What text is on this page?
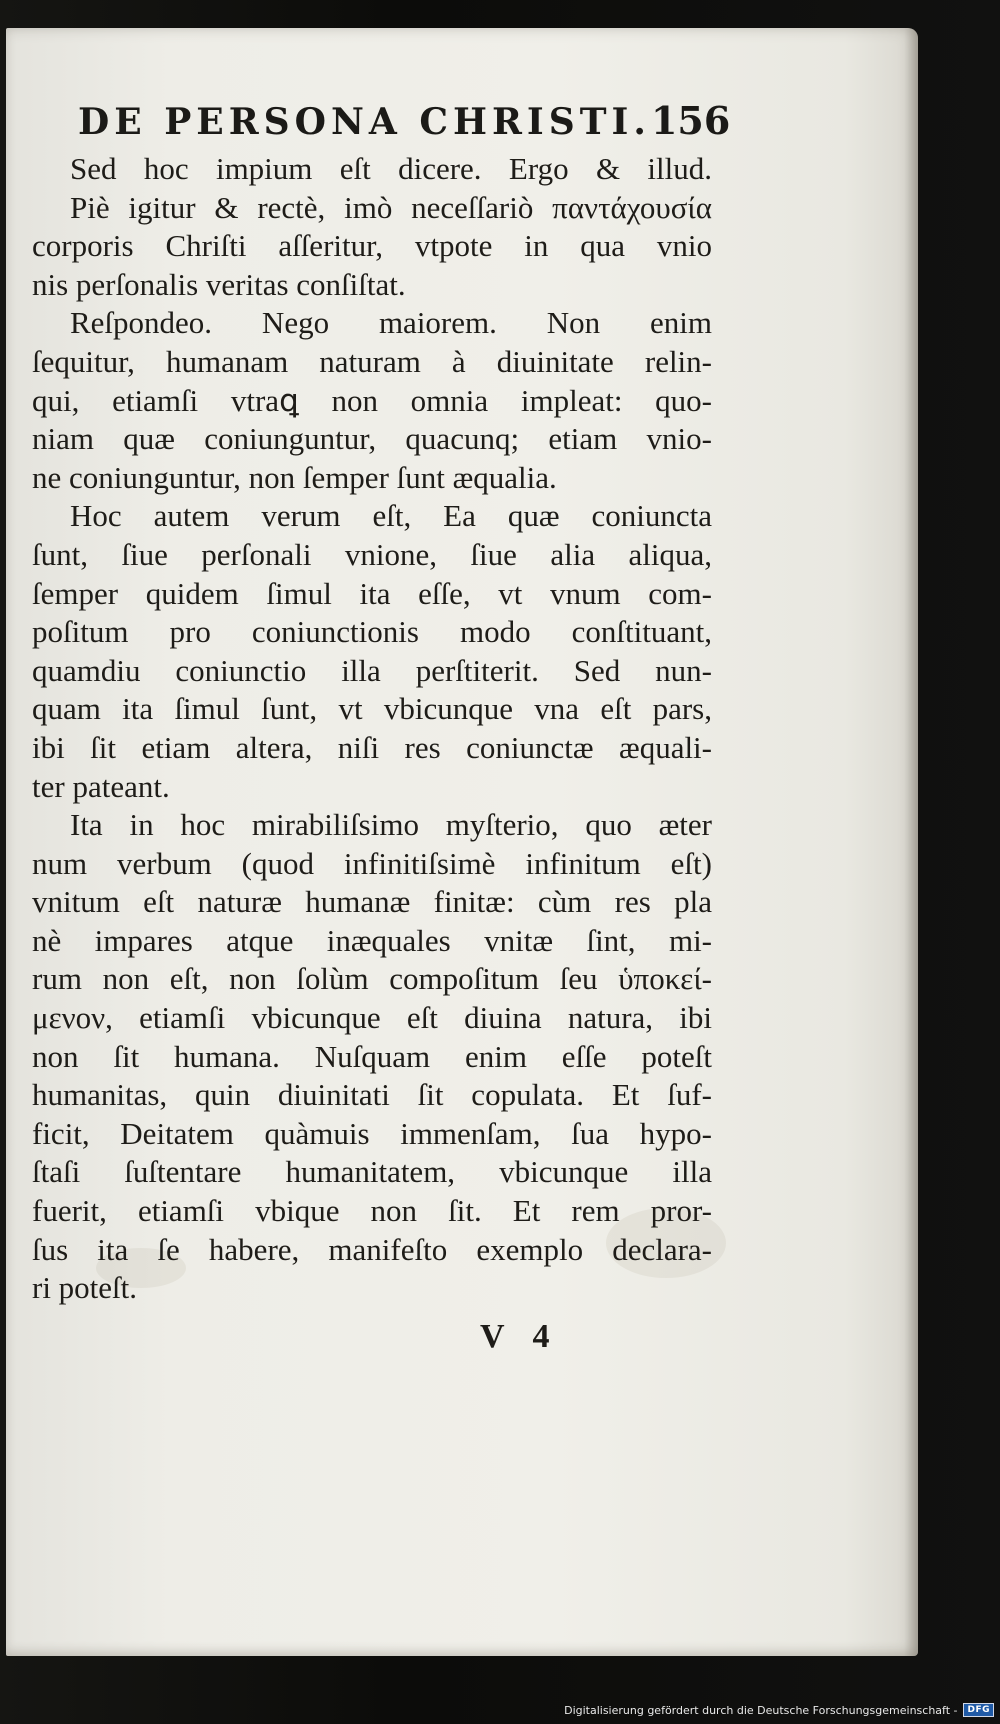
DE PERSONA CHRISTI. 156
Sed hoc impium eſt dicere. Ergo & illud.
Piè igitur & rectè, imò neceſſariò παντάχουσία
corporis Chriſti aſſeritur, vtpote in qua vnio
nis perſonalis veritas conſiſtat.
Reſpondeo. Nego maiorem. Non enim
ſequitur, humanam naturam à diuinitate relin-
qui, etiamſi vtraꝗ non omnia impleat: quo-
niam quæ coniunguntur, quacunq; etiam vnio-
ne coniunguntur, non ſemper ſunt æqualia.
Hoc autem verum eſt, Ea quæ coniuncta
ſunt, ſiue perſonali vnione, ſiue alia aliqua,
ſemper quidem ſimul ita eſſe, vt vnum com-
poſitum pro coniunctionis modo conſtituant,
quamdiu coniunctio illa perſtiterit. Sed nun-
quam ita ſimul ſunt, vt vbicunque vna eſt pars,
ibi ſit etiam altera, niſi res coniunctæ æquali-
ter pateant.
Ita in hoc mirabiliſsimo myſterio, quo æter
num verbum (quod infinitiſsimè infinitum eſt)
vnitum eſt naturæ humanæ finitæ: cùm res pla
nè impares atque inæquales vnitæ ſint, mi-
rum non eſt, non ſolùm compoſitum ſeu ὑποκεί-
μενον, etiamſi vbicunque eſt diuina natura, ibi
non ſit humana. Nuſquam enim eſſe poteſt
humanitas, quin diuinitati ſit copulata. Et ſuf-
ficit, Deitatem quàmuis immenſam, ſua hypo-
ſtaſi ſuſtentare humanitatem, vbicunque illa
fuerit, etiamſi vbique non ſit. Et rem pror-
ſus ita ſe habere, manifeſto exemplo declara-
ri poteſt.
V 4
Digitalisierung gefördert durch die Deutsche Forschungsgemeinschaft -	DFG
